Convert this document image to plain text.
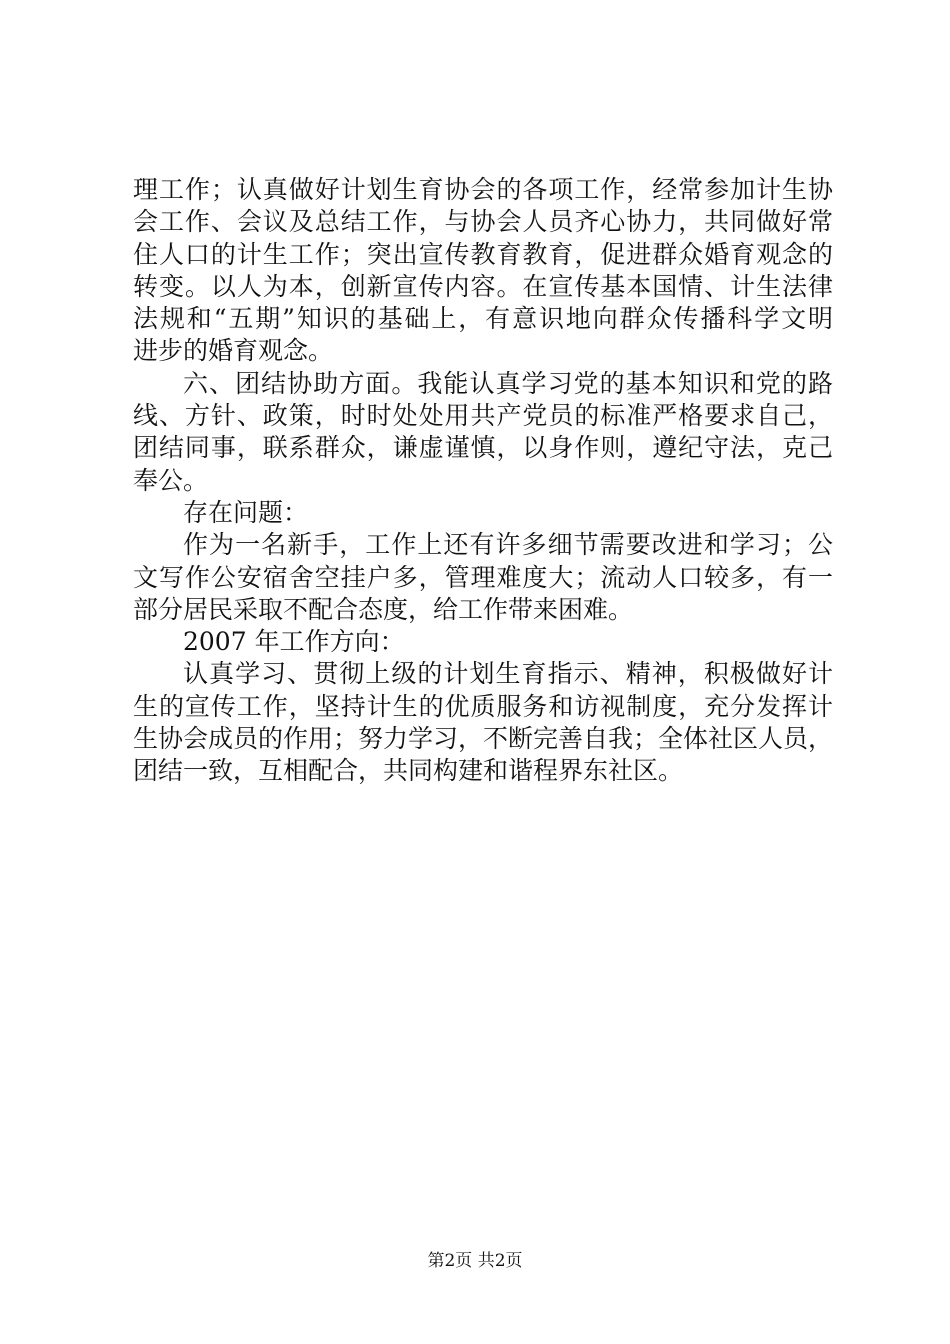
理工作；认真做好计划生育协会的各项工作，经常参加计生协
会工作、会议及总结工作，与协会人员齐心协力，共同做好常
住人口的计生工作；突出宣传教育教育，促进群众婚育观念的
转变。以人为本，创新宣传内容。在宣传基本国情、计生法律
法规和“五期”知识的基础上，有意识地向群众传播科学文明
进步的婚育观念。
六、团结协助方面。我能认真学习党的基本知识和党的路
线、方针、政策，时时处处用共产党员的标准严格要求自己，
团结同事，联系群众，谦虚谨慎，以身作则，遵纪守法，克己
奉公。
存在问题：
作为一名新手，工作上还有许多细节需要改进和学习；公
文写作公安宿舍空挂户多，管理难度大；流动人口较多，有一
部分居民采取不配合态度，给工作带来困难。
2007 年工作方向：
认真学习、贯彻上级的计划生育指示、精神，积极做好计
生的宣传工作，坚持计生的优质服务和访视制度，充分发挥计
生协会成员的作用；努力学习，不断完善自我；全体社区人员，
团结一致，互相配合，共同构建和谐程界东社区。
第2页 共2页
